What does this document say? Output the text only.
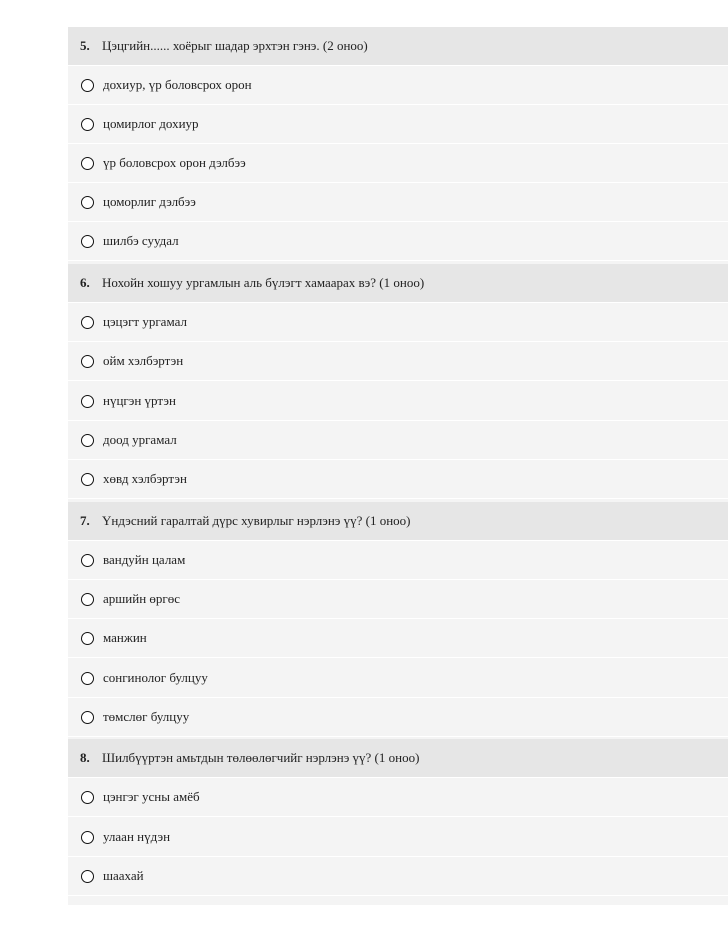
5. Цэцгийн...... хоёрыг шадар эрхтэн гэнэ. (2 оноо)
дохиур, үр боловсрох орон
цомирлог дохиур
үр боловсрох орон дэлбээ
цоморлиг дэлбээ
шилбэ суудал
6. Нохойн хошуу ургамлын аль бүлэгт хамаарах вэ? (1 оноо)
цэцэгт ургамал
ойм хэлбэртэн
нүцгэн үртэн
доод ургамал
хөвд хэлбэртэн
7. Үндэсний гаралтай дүрс хувирлыг нэрлэнэ үү? (1 оноо)
вандуйн цалам
аршийн өргөс
манжин
сонгинолог булцуу
төмслөг булцуу
8. Шилбүүртэн амьтдын төлөөлөгчийг нэрлэнэ үү? (1 оноо)
цэнгэг усны амёб
улаан нүдэн
шаахай
